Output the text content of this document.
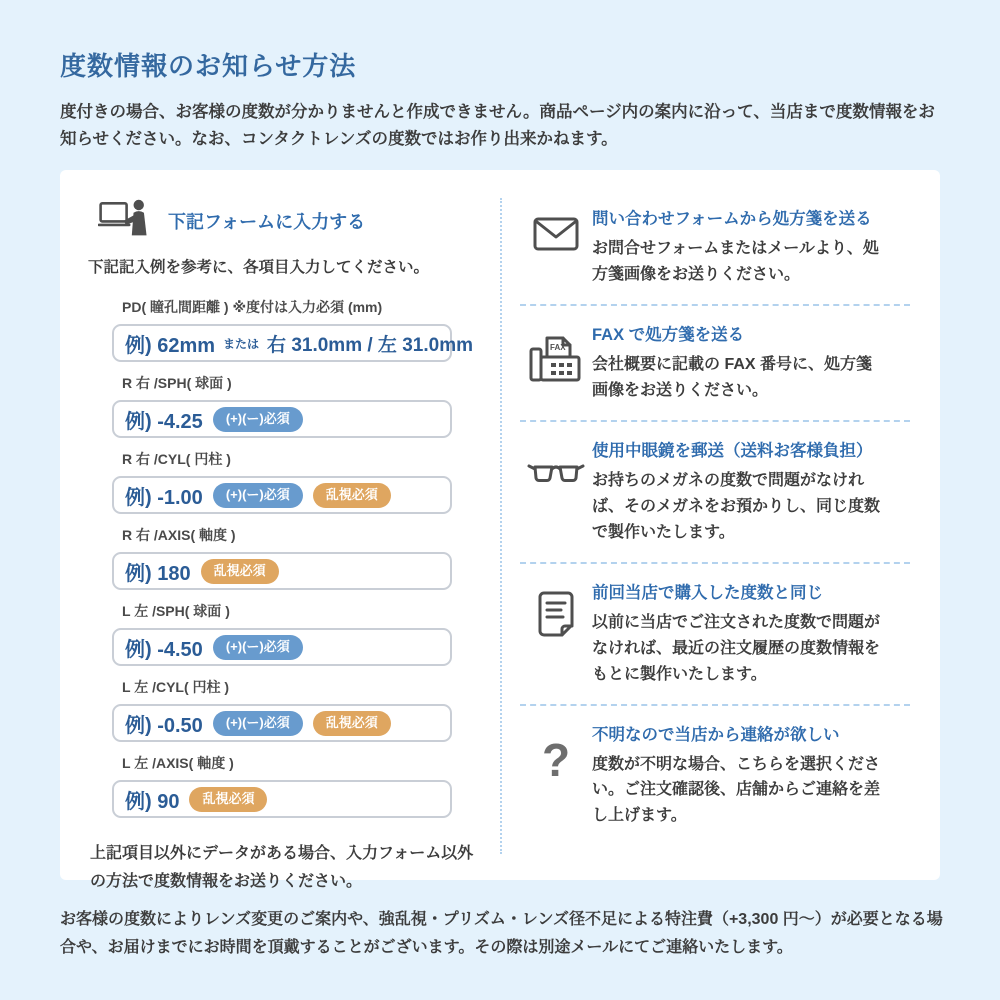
度数情報のお知らせ方法
度付きの場合、お客様の度数が分かりませんと作成できません。商品ページ内の案内に沿って、当店まで度数情報をお知らせください。なお、コンタクトレンズの度数ではお作り出来かねます。
下記フォームに入力する
下記記入例を参考に、各項目入力してください。
PD( 瞳孔間距離 ) ※度付は入力必須 (mm)
例) 62mm または 右 31.0mm / 左 31.0mm
R 右 /SPH( 球面 )
例) -4.25	(+)(ー)必須
R 右 /CYL( 円柱 )
例) -1.00	(+)(ー)必須	乱視必須
R 右 /AXIS( 軸度 )
例) 180	乱視必須
L 左 /SPH( 球面 )
例) -4.50	(+)(ー)必須
L 左 /CYL( 円柱 )
例) -0.50	(+)(ー)必須	乱視必須
L 左 /AXIS( 軸度 )
例) 90	乱視必須
上記項目以外にデータがある場合、入力フォーム以外の方法で度数情報をお送りください。
問い合わせフォームから処方箋を送る
お問合せフォームまたはメールより、処方箋画像をお送りください。
FAX
FAX で処方箋を送る
会社概要に記載の FAX 番号に、処方箋画像をお送りください。
使用中眼鏡を郵送（送料お客様負担）
お持ちのメガネの度数で問題がなければ、そのメガネをお預かりし、同じ度数で製作いたします。
前回当店で購入した度数と同じ
以前に当店でご注文された度数で問題がなければ、最近の注文履歴の度数情報をもとに製作いたします。
? 不明なので当店から連絡が欲しい
度数が不明な場合、こちらを選択ください。ご注文確認後、店舗からご連絡を差し上げます。
お客様の度数によりレンズ変更のご案内や、強乱視・プリズム・レンズ径不足による特注費（+3,300 円～）が必要となる場合や、お届けまでにお時間を頂戴することがございます。その際は別途メールにてご連絡いたします。
